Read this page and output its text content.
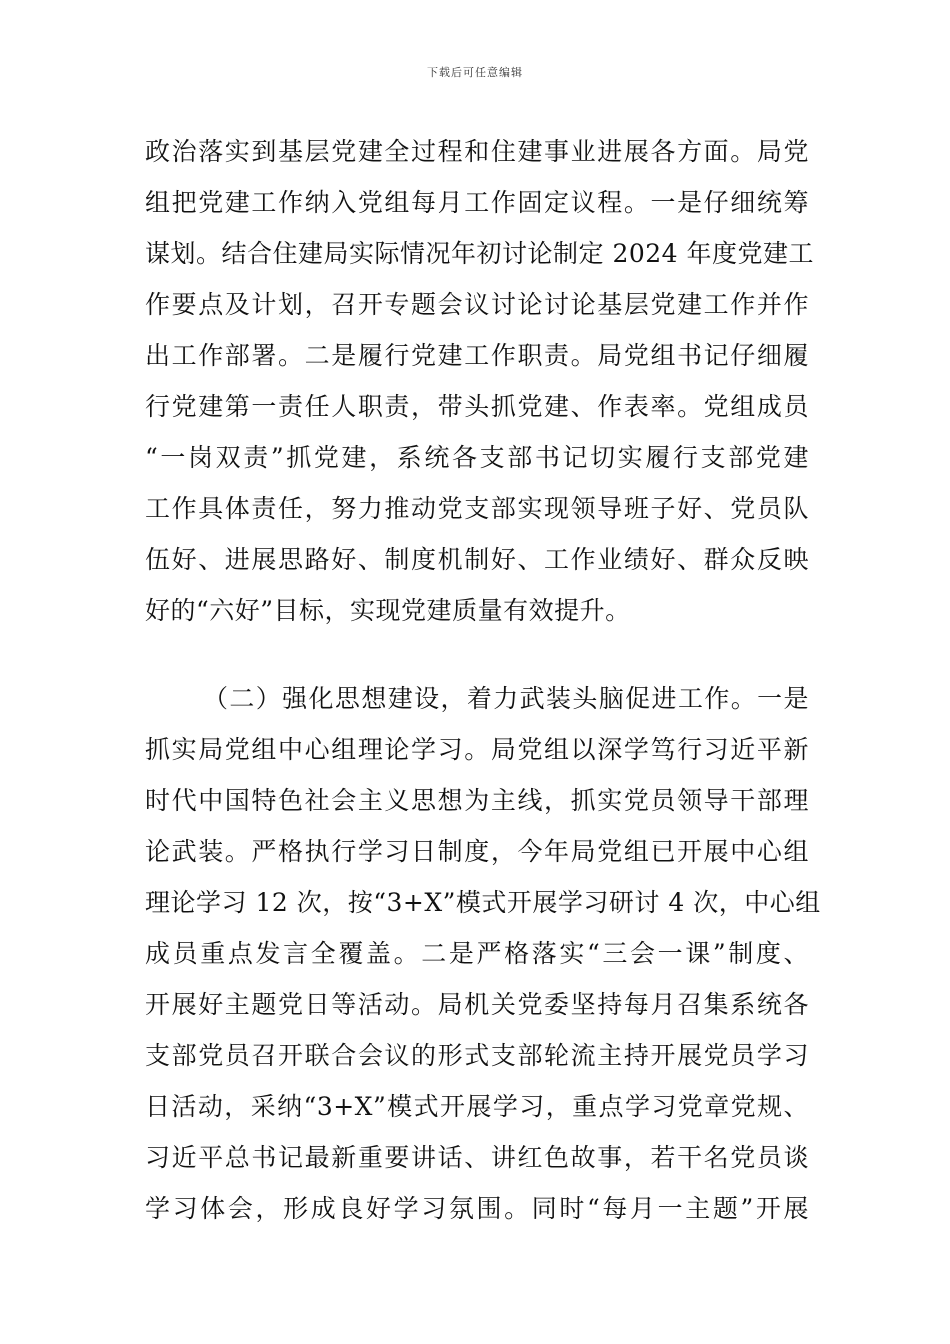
下载后可任意编辑
政治落实到基层党建全过程和住建事业进展各方面。局党
组把党建工作纳入党组每月工作固定议程。一是仔细统筹
谋划。结合住建局实际情况年初讨论制定 2024 年度党建工
作要点及计划，召开专题会议讨论讨论基层党建工作并作
出工作部署。二是履行党建工作职责。局党组书记仔细履
行党建第一责任人职责，带头抓党建、作表率。党组成员
“一岗双责”抓党建，系统各支部书记切实履行支部党建
工作具体责任，努力推动党支部实现领导班子好、党员队
伍好、进展思路好、制度机制好、工作业绩好、群众反映
好的“六好”目标，实现党建质量有效提升。
（二）强化思想建设，着力武装头脑促进工作。一是
抓实局党组中心组理论学习。局党组以深学笃行习近平新
时代中国特色社会主义思想为主线，抓实党员领导干部理
论武装。严格执行学习日制度，今年局党组已开展中心组
理论学习 12 次，按“3+X”模式开展学习研讨 4 次，中心组
成员重点发言全覆盖。二是严格落实“三会一课”制度、
开展好主题党日等活动。局机关党委坚持每月召集系统各
支部党员召开联合会议的形式支部轮流主持开展党员学习
日活动，采纳“3+X”模式开展学习，重点学习党章党规、
习近平总书记最新重要讲话、讲红色故事，若干名党员谈
学习体会，形成良好学习氛围。同时“每月一主题”开展
